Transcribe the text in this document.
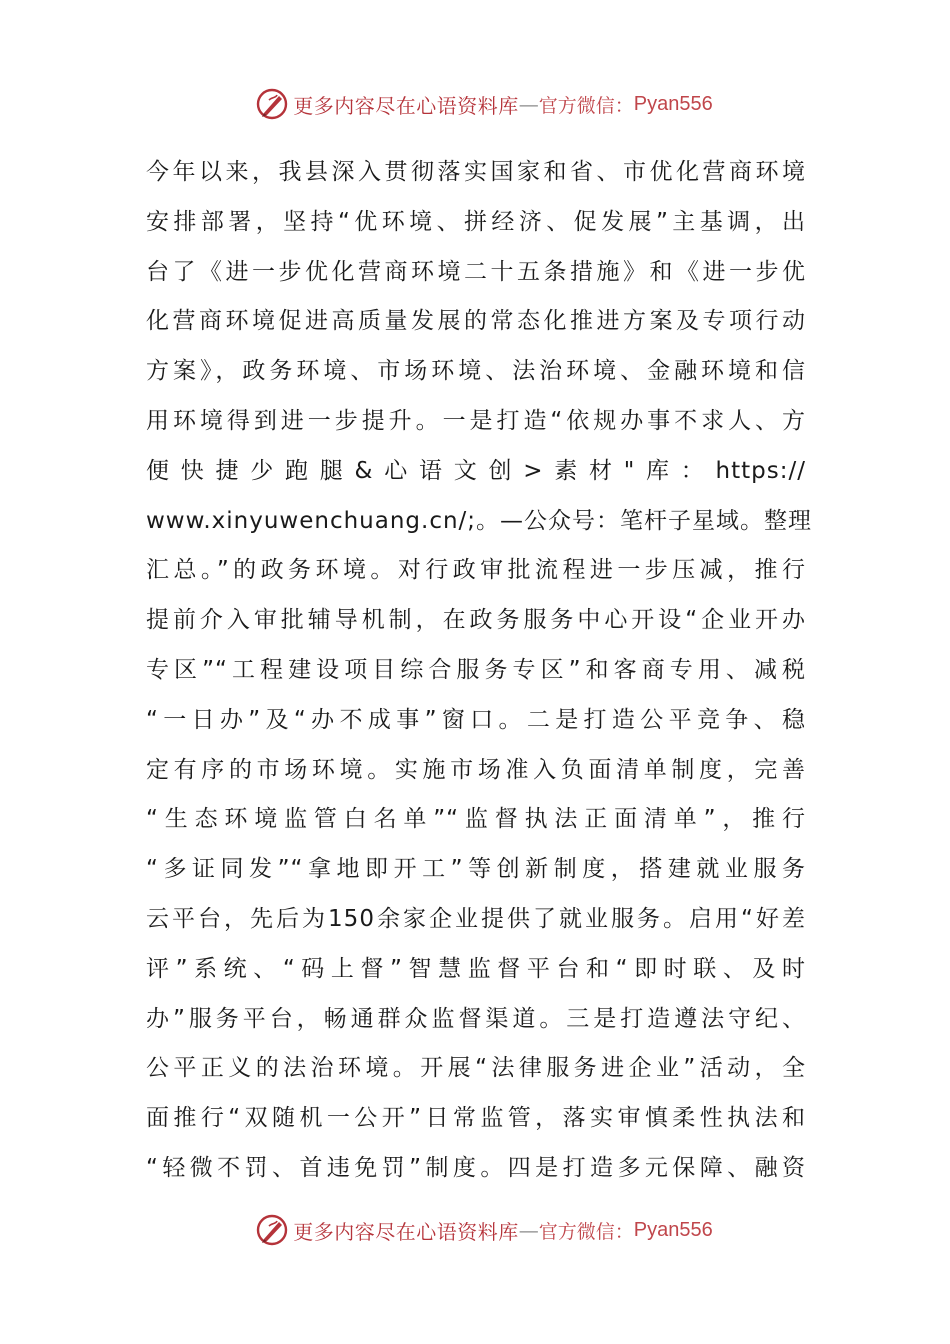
更多内容尽在心语资料库 — 官方微信： Pyan556
今年以来，我县深入贯彻落实国家和省、市优化营商环境
安排部署，坚持“优环境、拼经济、促发展”主基调，出
台了《进一步优化营商环境二十五条措施》和《进一步优
化营商环境促进高质量发展的常态化推进方案及专项行动
方案》，政务环境、市场环境、法治环境、金融环境和信
用环境得到进一步提升。一是打造“依规办事不求人、方
便快捷少跑腿&心语文创>素材"库：https://
www.xinyuwenchuang.cn/;。—公众号：笔杆子星域。整理
汇总。”的政务环境。对行政审批流程进一步压减，推行
提前介入审批辅导机制，在政务服务中心开设“企业开办
专区”“工程建设项目综合服务专区”和客商专用、减税
“一日办”及“办不成事”窗口。二是打造公平竞争、稳
定有序的市场环境。实施市场准入负面清单制度，完善
“生态环境监管白名单”“监督执法正面清单”，推行
“多证同发”“拿地即开工”等创新制度，搭建就业服务
云平台，先后为150余家企业提供了就业服务。启用“好差
评”系统、“码上督”智慧监督平台和“即时联、及时
办”服务平台，畅通群众监督渠道。三是打造遵法守纪、
公平正义的法治环境。开展“法律服务进企业”活动，全
面推行“双随机一公开”日常监管，落实审慎柔性执法和
“轻微不罚、首违免罚”制度。四是打造多元保障、融资
更多内容尽在心语资料库 — 官方微信： Pyan556
